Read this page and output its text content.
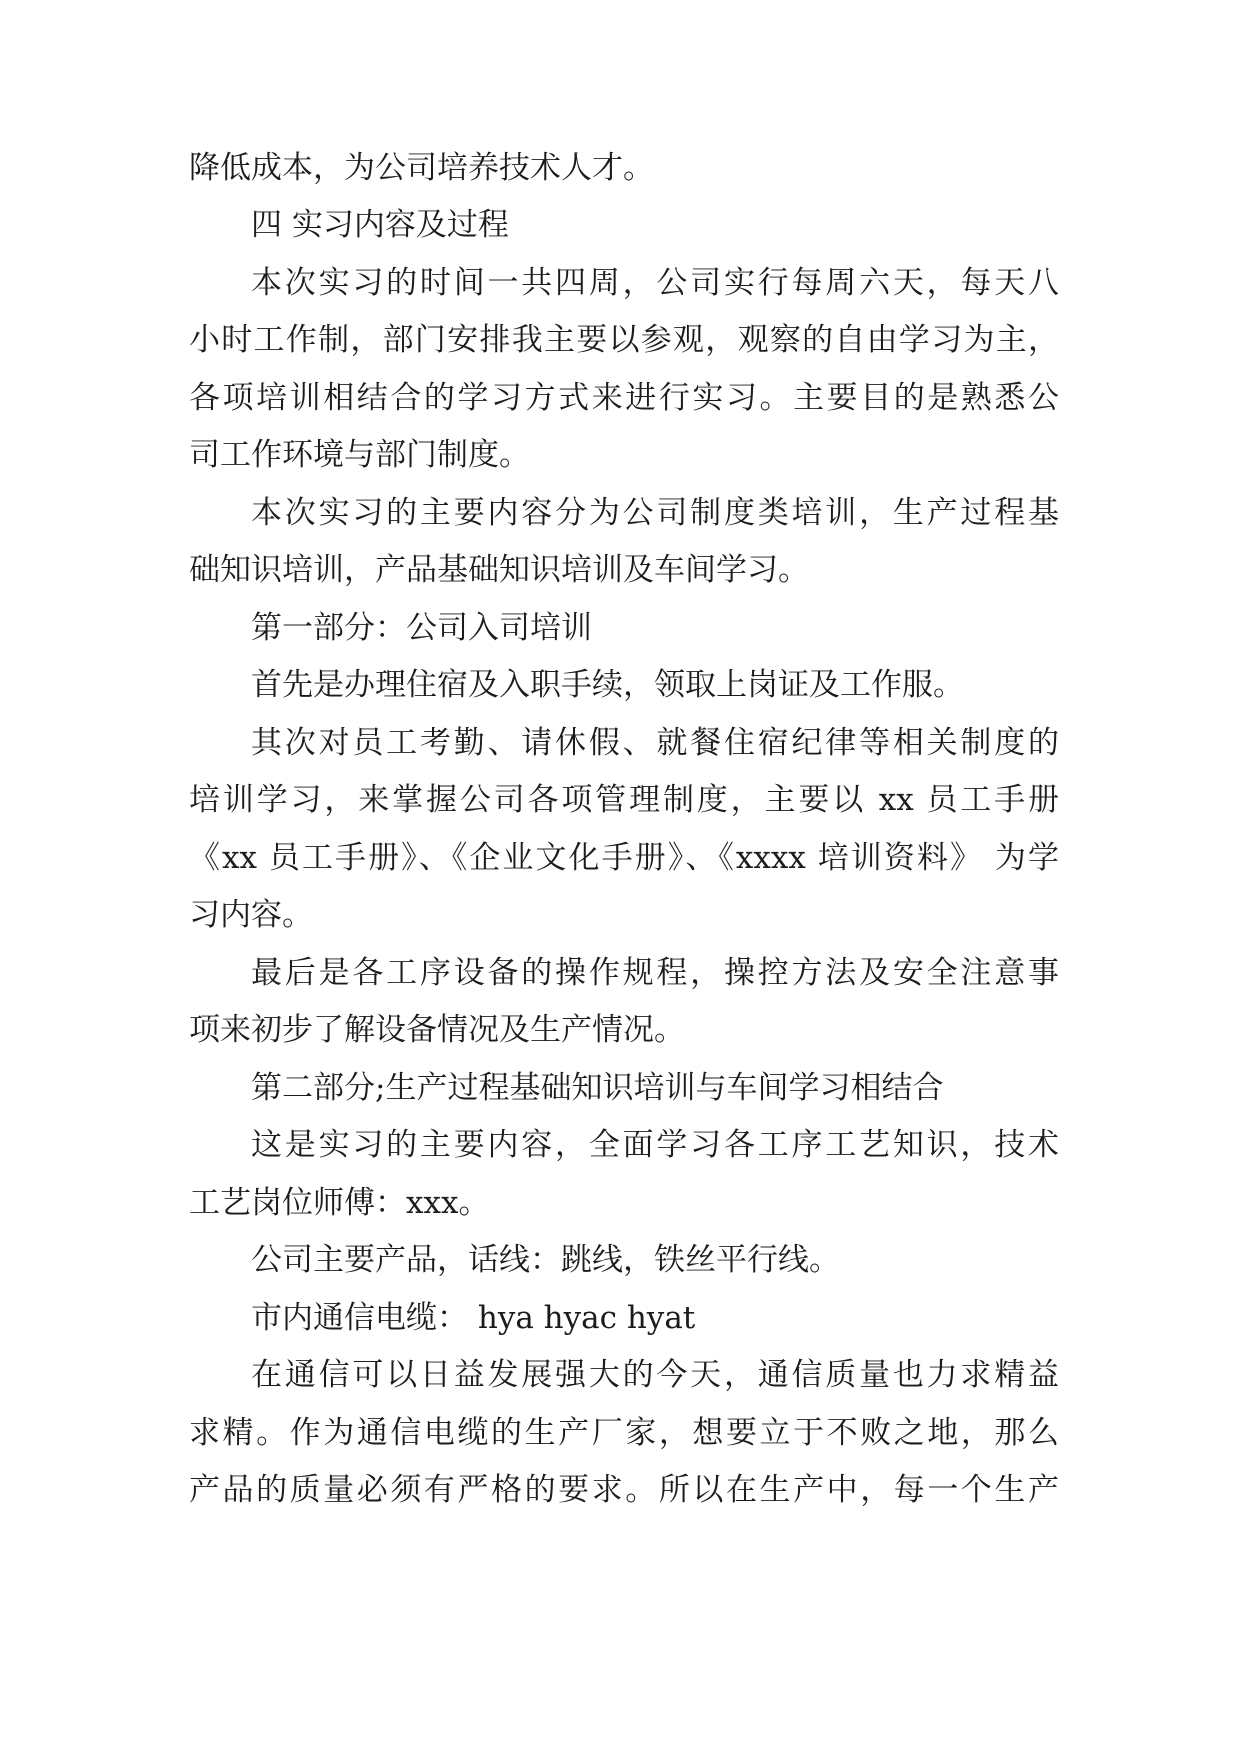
降低成本，为公司培养技术人才。

四 实习内容及过程

本次实习的时间一共四周，公司实行每周六天，每天八

小时工作制，部门安排我主要以参观，观察的自由学习为主，

各项培训相结合的学习方式来进行实习。主要目的是熟悉公

司工作环境与部门制度。

本次实习的主要内容分为公司制度类培训，生产过程基

础知识培训，产品基础知识培训及车间学习。

第一部分：公司入司培训

首先是办理住宿及入职手续，领取上岗证及工作服。

其次对员工考勤、请休假、就餐住宿纪律等相关制度的

培训学习，来掌握公司各项管理制度，主要以 xx 员工手册

《xx 员工手册》、《企业文化手册》、《xxxx 培训资料》 为学

习内容。

最后是各工序设备的操作规程，操控方法及安全注意事

项来初步了解设备情况及生产情况。

第二部分;生产过程基础知识培训与车间学习相结合

这是实习的主要内容，全面学习各工序工艺知识，技术

工艺岗位师傅：xxx。

公司主要产品，话线：跳线，铁丝平行线。

市内通信电缆： hya hyac hyat

在通信可以日益发展强大的今天，通信质量也力求精益

求精。作为通信电缆的生产厂家，想要立于不败之地，那么

产品的质量必须有严格的要求。所以在生产中，每一个生产
